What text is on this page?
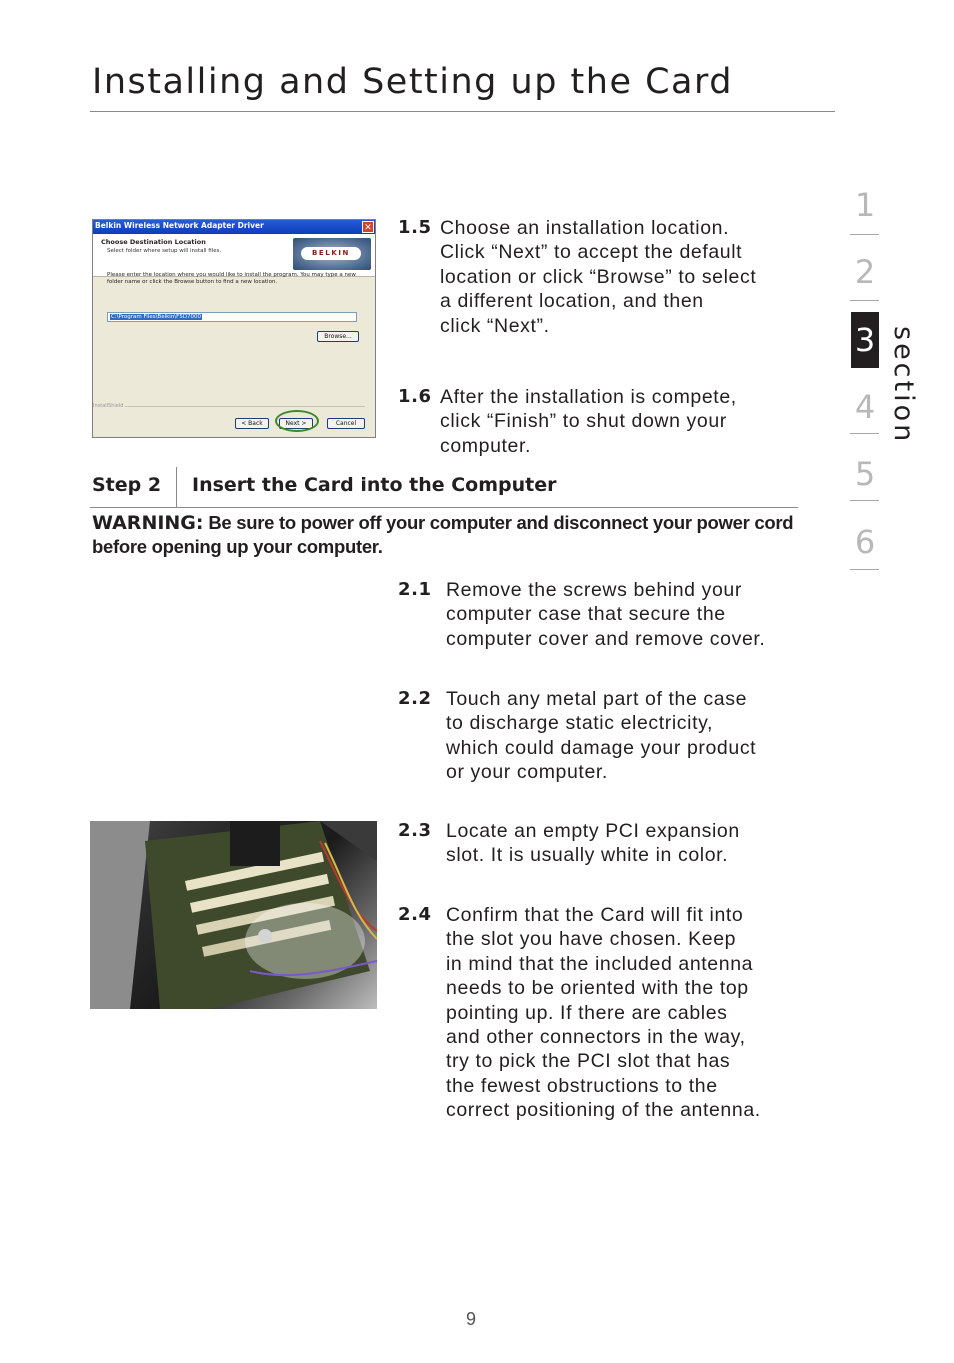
Installing and Setting up the Card
1
2
3
4
5
6
section
Belkin Wireless Network Adapter Driver	✕
Choose Destination Location
Select folder where setup will install files.	BELKIN
Please enter the location where you would like to install the program. You may type a new folder name or click the Browse button to find a new location.
C:\Program Files\Belkin\F5D7000
Browse...
InstallShield
< Back	Next >	Cancel
1.5 Choose an installation location.
Click “Next” to accept the default
location or click “Browse” to select
a different location, and then
click “Next”.
1.6 After the installation is compete,
click “Finish” to shut down your
computer.
Step 2 Insert the Card into the Computer
WARNING: Be sure to power off your computer and disconnect your power cord before opening up your computer.
2.1 Remove the screws behind your
computer case that secure the
computer cover and remove cover.
2.2 Touch any metal part of the case
to discharge static electricity,
which could damage your product
or your computer.
2.3 Locate an empty PCI expansion
slot. It is usually white in color.
2.4 Confirm that the Card will fit into
the slot you have chosen. Keep
in mind that the included antenna
needs to be oriented with the top
pointing up. If there are cables
and other connectors in the way,
try to pick the PCI slot that has
the fewest obstructions to the
correct positioning of the antenna.
9
